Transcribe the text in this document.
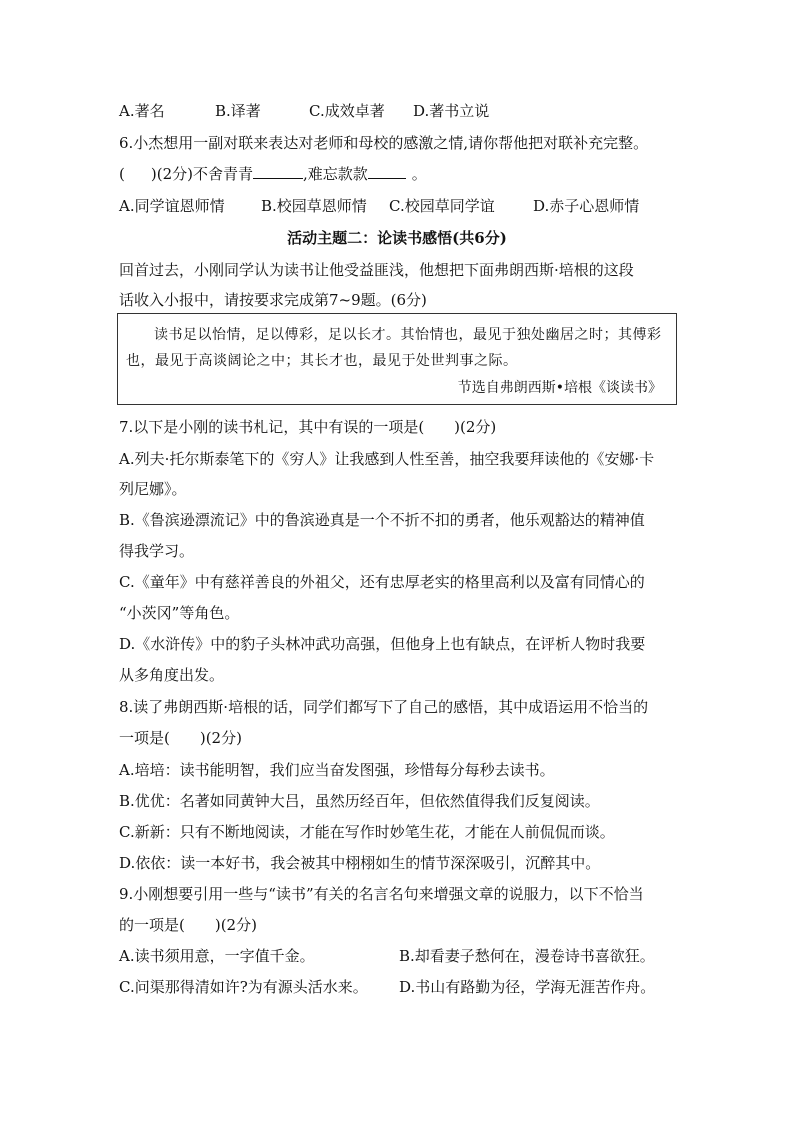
A.著名	B.译著	C.成效卓著	D.著书立说
6.小杰想用一副对联来表达对老师和母校的感激之情,请你帮他把对联补充完整。
( )(2分)不舍青青	,难忘款款	。
A.同学谊恩师情	B.校园草恩师情	C.校园草同学谊	D.赤子心恩师情
活动主题二：论读书感悟(共6分)
回首过去，小刚同学认为读书让他受益匪浅，他想把下面弗朗西斯·培根的这段
话收入小报中，请按要求完成第7~9题。(6分)
读书足以怡情，足以傅彩，足以长才。其怡情也，最见于独处幽居之时；其傅彩也，最见于高谈阔论之中；其长才也，最见于处世判事之际。
节选自弗朗西斯•培根《谈读书》
7.以下是小刚的读书札记，其中有误的一项是(　　)(2分)
A.列夫·托尔斯泰笔下的《穷人》让我感到人性至善，抽空我要拜读他的《安娜·卡
列尼娜》。
B.《鲁滨逊漂流记》中的鲁滨逊真是一个不折不扣的勇者，他乐观豁达的精神值
得我学习。
C.《童年》中有慈祥善良的外祖父，还有忠厚老实的格里高利以及富有同情心的
“小茨冈”等角色。
D.《水浒传》中的豹子头林冲武功高强，但他身上也有缺点，在评析人物时我要
从多角度出发。
8.读了弗朗西斯·培根的话，同学们都写下了自己的感悟，其中成语运用不恰当的
一项是(　　)(2分)
A.培培：读书能明智，我们应当奋发图强，珍惜每分每秒去读书。
B.优优：名著如同黄钟大吕，虽然历经百年，但依然值得我们反复阅读。
C.新新：只有不断地阅读，才能在写作时妙笔生花，才能在人前侃侃而谈。
D.依依：读一本好书，我会被其中栩栩如生的情节深深吸引，沉醉其中。
9.小刚想要引用一些与“读书”有关的名言名句来增强文章的说服力，以下不恰当
的一项是(　　)(2分)
A.读书须用意，一字值千金。	B.却看妻子愁何在，漫卷诗书喜欲狂。
C.问渠那得清如许?为有源头活水来。	D.书山有路勤为径，学海无涯苦作舟。
